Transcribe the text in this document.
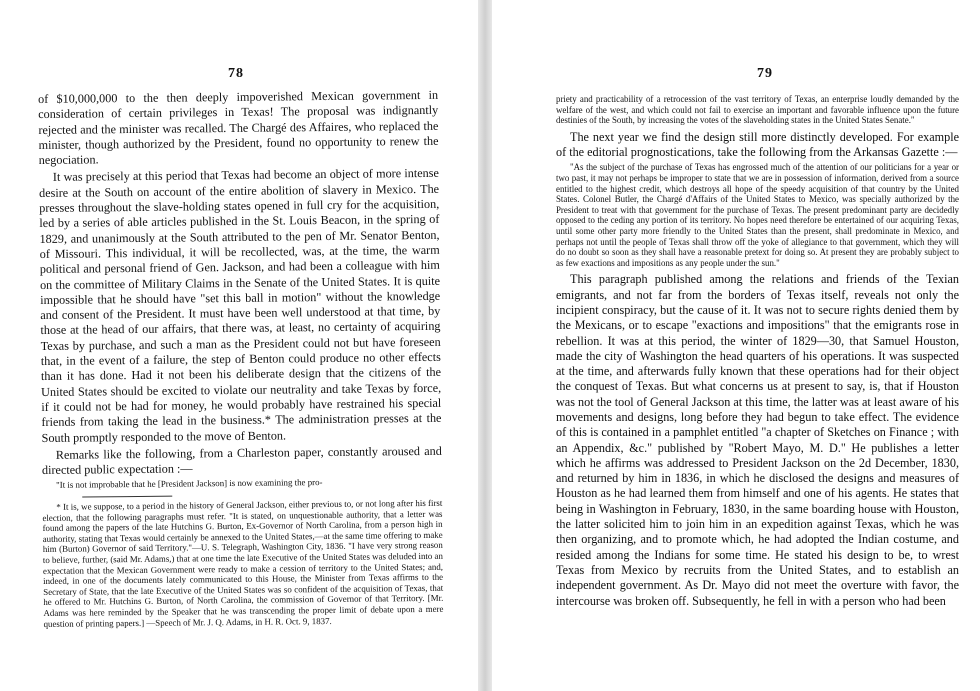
78

of $10,000,000 to the then deeply impoverished Mexican government in consideration of certain privileges in Texas! The proposal was indignantly rejected and the minister was recalled. The Chargé des Affaires, who replaced the minister, though authorized by the President, found no opportunity to renew the negociation.

It was precisely at this period that Texas had become an object of more intense desire at the South on account of the entire abolition of slavery in Mexico. The presses throughout the slave-holding states opened in full cry for the acquisition, led by a series of able articles published in the St. Louis Beacon, in the spring of 1829, and unanimously at the South attributed to the pen of Mr. Senator Benton, of Missouri. This individual, it will be recollected, was, at the time, the warm political and personal friend of Gen. Jackson, and had been a colleague with him on the committee of Military Claims in the Senate of the United States. It is quite impossible that he should have "set this ball in motion" without the knowledge and consent of the President. It must have been well understood at that time, by those at the head of our affairs, that there was, at least, no certainty of acquiring Texas by purchase, and such a man as the President could not but have foreseen that, in the event of a failure, the step of Benton could produce no other effects than it has done. Had it not been his deliberate design that the citizens of the United States should be excited to violate our neutrality and take Texas by force, if it could not be had for money, he would probably have restrained his special friends from taking the lead in the business.* The administration presses at the South promptly responded to the move of Benton.

Remarks like the following, from a Charleston paper, constantly aroused and directed public expectation :—

"It is not improbable that he [President Jackson] is now examining the pro-

* It is, we suppose, to a period in the history of General Jackson, either previous to, or not long after his first election, that the following paragraphs must refer. "It is stated, on unquestionable authority, that a letter was found among the papers of the late Hutchins G. Burton, Ex-Governor of North Carolina, from a person high in authority, stating that Texas would certainly be annexed to the United States,—at the same time offering to make him (Burton) Governor of said Territory."—U. S. Telegraph, Washington City, 1836. "I have very strong reason to believe, further, (said Mr. Adams,) that at one time the late Executive of the United States was deluded into an expectation that the Mexican Government were ready to make a cession of territory to the United States; and, indeed, in one of the documents lately communicated to this House, the Minister from Texas affirms to the Secretary of State, that the late Executive of the United States was so confident of the acquisition of Texas, that he offered to Mr. Hutchins G. Burton, of North Carolina, the commission of Governor of that Territory. [Mr. Adams was here reminded by the Speaker that he was transcending the proper limit of debate upon a mere question of printing papers.] —Speech of Mr. J. Q. Adams, in H. R. Oct. 9, 1837.

79

priety and practicability of a retrocession of the vast territory of Texas, an enterprise loudly demanded by the welfare of the west, and which could not fail to exercise an important and favorable influence upon the future destinies of the South, by increasing the votes of the slaveholding states in the United States Senate."

The next year we find the design still more distinctly developed. For example of the editorial prognostications, take the following from the Arkansas Gazette :—

"As the subject of the purchase of Texas has engrossed much of the attention of our politicians for a year or two past, it may not perhaps be improper to state that we are in possession of information, derived from a source entitled to the highest credit, which destroys all hope of the speedy acquisition of that country by the United States. Colonel Butler, the Chargé d'Affairs of the United States to Mexico, was specially authorized by the President to treat with that government for the purchase of Texas. The present predominant party are decidedly opposed to the ceding any portion of its territory. No hopes need therefore be entertained of our acquiring Texas, until some other party more friendly to the United States than the present, shall predominate in Mexico, and perhaps not until the people of Texas shall throw off the yoke of allegiance to that government, which they will do no doubt so soon as they shall have a reasonable pretext for doing so. At present they are probably subject to as few exactions and impositions as any people under the sun."

This paragraph published among the relations and friends of the Texian emigrants, and not far from the borders of Texas itself, reveals not only the incipient conspiracy, but the cause of it. It was not to secure rights denied them by the Mexicans, or to escape "exactions and impositions" that the emigrants rose in rebellion. It was at this period, the winter of 1829—30, that Samuel Houston, made the city of Washington the head quarters of his operations. It was suspected at the time, and afterwards fully known that these operations had for their object the conquest of Texas. But what concerns us at present to say, is, that if Houston was not the tool of General Jackson at this time, the latter was at least aware of his movements and designs, long before they had begun to take effect. The evidence of this is contained in a pamphlet entitled "a chapter of Sketches on Finance ; with an Appendix, &c." published by "Robert Mayo, M. D." He publishes a letter which he affirms was addressed to President Jackson on the 2d December, 1830, and returned by him in 1836, in which he disclosed the designs and measures of Houston as he had learned them from himself and one of his agents. He states that being in Washington in February, 1830, in the same boarding house with Houston, the latter solicited him to join him in an expedition against Texas, which he was then organizing, and to promote which, he had adopted the Indian costume, and resided among the Indians for some time. He stated his design to be, to wrest Texas from Mexico by recruits from the United States, and to establish an independent government. As Dr. Mayo did not meet the overture with favor, the intercourse was broken off. Subsequently, he fell in with a person who had been
